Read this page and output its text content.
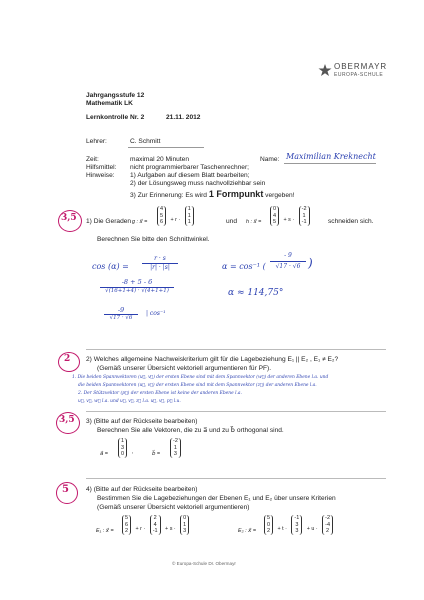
OBERMAYR
EUROPA-SCHULE
Jahrgangsstufe 12
Mathematik LK
Lernkontrolle Nr. 2	21.11. 2012
Lehrer:	C. Schmitt
Zeit:	maximal 20 Minuten	Name: Maximilian Kreknecht
Hilfsmittel: nicht programmierbarer Taschenrechner;
Hinweise: 1) Aufgaben auf diesem Blatt bearbeiten;
2) der Lösungsweg muss nachvollziehbar sein
3) Zur Erinnerung: Es wird 1 Formpunkt vergeben!
3,5 1) Die Geraden g : x⃗ =
4
5
6 + r · 1
1
1	und h : x⃗ =
0
4
5 + s · -2
1
-1	schneiden sich.
Berechnen Sie bitte den Schnittwinkel.
cos (α) =
r · s
|r| · |s|	α = cos⁻¹ (
- 9
√17 · √6 )
-8 + 5 - 6
√(16+1+4) · √(4+1+1)	α ≈ 114,75°
-9
√17 · √6
| cos⁻¹
2 2) Welches allgemeine Nachweiskriterium gilt für die Lagebeziehung E₁ || E₂ , E₁ ≠ E₂?
(Gemäß unserer Übersicht vektoriell argumentieren für PF).
1. Die beiden Spannvektoren (u⃗, v⃗) der ersten Ebene sind mit dem Spannvektor (w⃗) der anderen Ebene l.a. und
die beiden Spannvektoren (u⃗, v⃗) der ersten Ebene sind mit dem Spannvektor (z⃗) der anderen Ebene l.a.
2. Der Stützvektor (p⃗) der ersten Ebene ist keine der anderen Ebene l.a.
u⃗, v⃗, w⃗ l.a. und u⃗, v⃗, z⃗ l.a. u⃗, v⃗, p⃗ l.u.
3,5 3) (Bitte auf der Rückseite bearbeiten)
Berechnen Sie alle Vektoren, die zu a⃗ und zu b⃗ orthogonal sind.
a⃗ =
1
3
0 ,	b⃗ =
-2
1
3
5	4) (Bitte auf der Rückseite bearbeiten)
Bestimmen Sie die Lagebeziehungen der Ebenen E₁ und E₂ über unsere Kriterien
(Gemäß unserer Übersicht vektoriell argumentieren)
E₁ : x⃗ =
5
6
2 + r · 2
4
-1 + s · 0
1
3	E₂ : x⃗ =
5
0
2 + t · -1
3
3 + u · -2
-4
2
© Europa-Schule Dr. Obermayr
